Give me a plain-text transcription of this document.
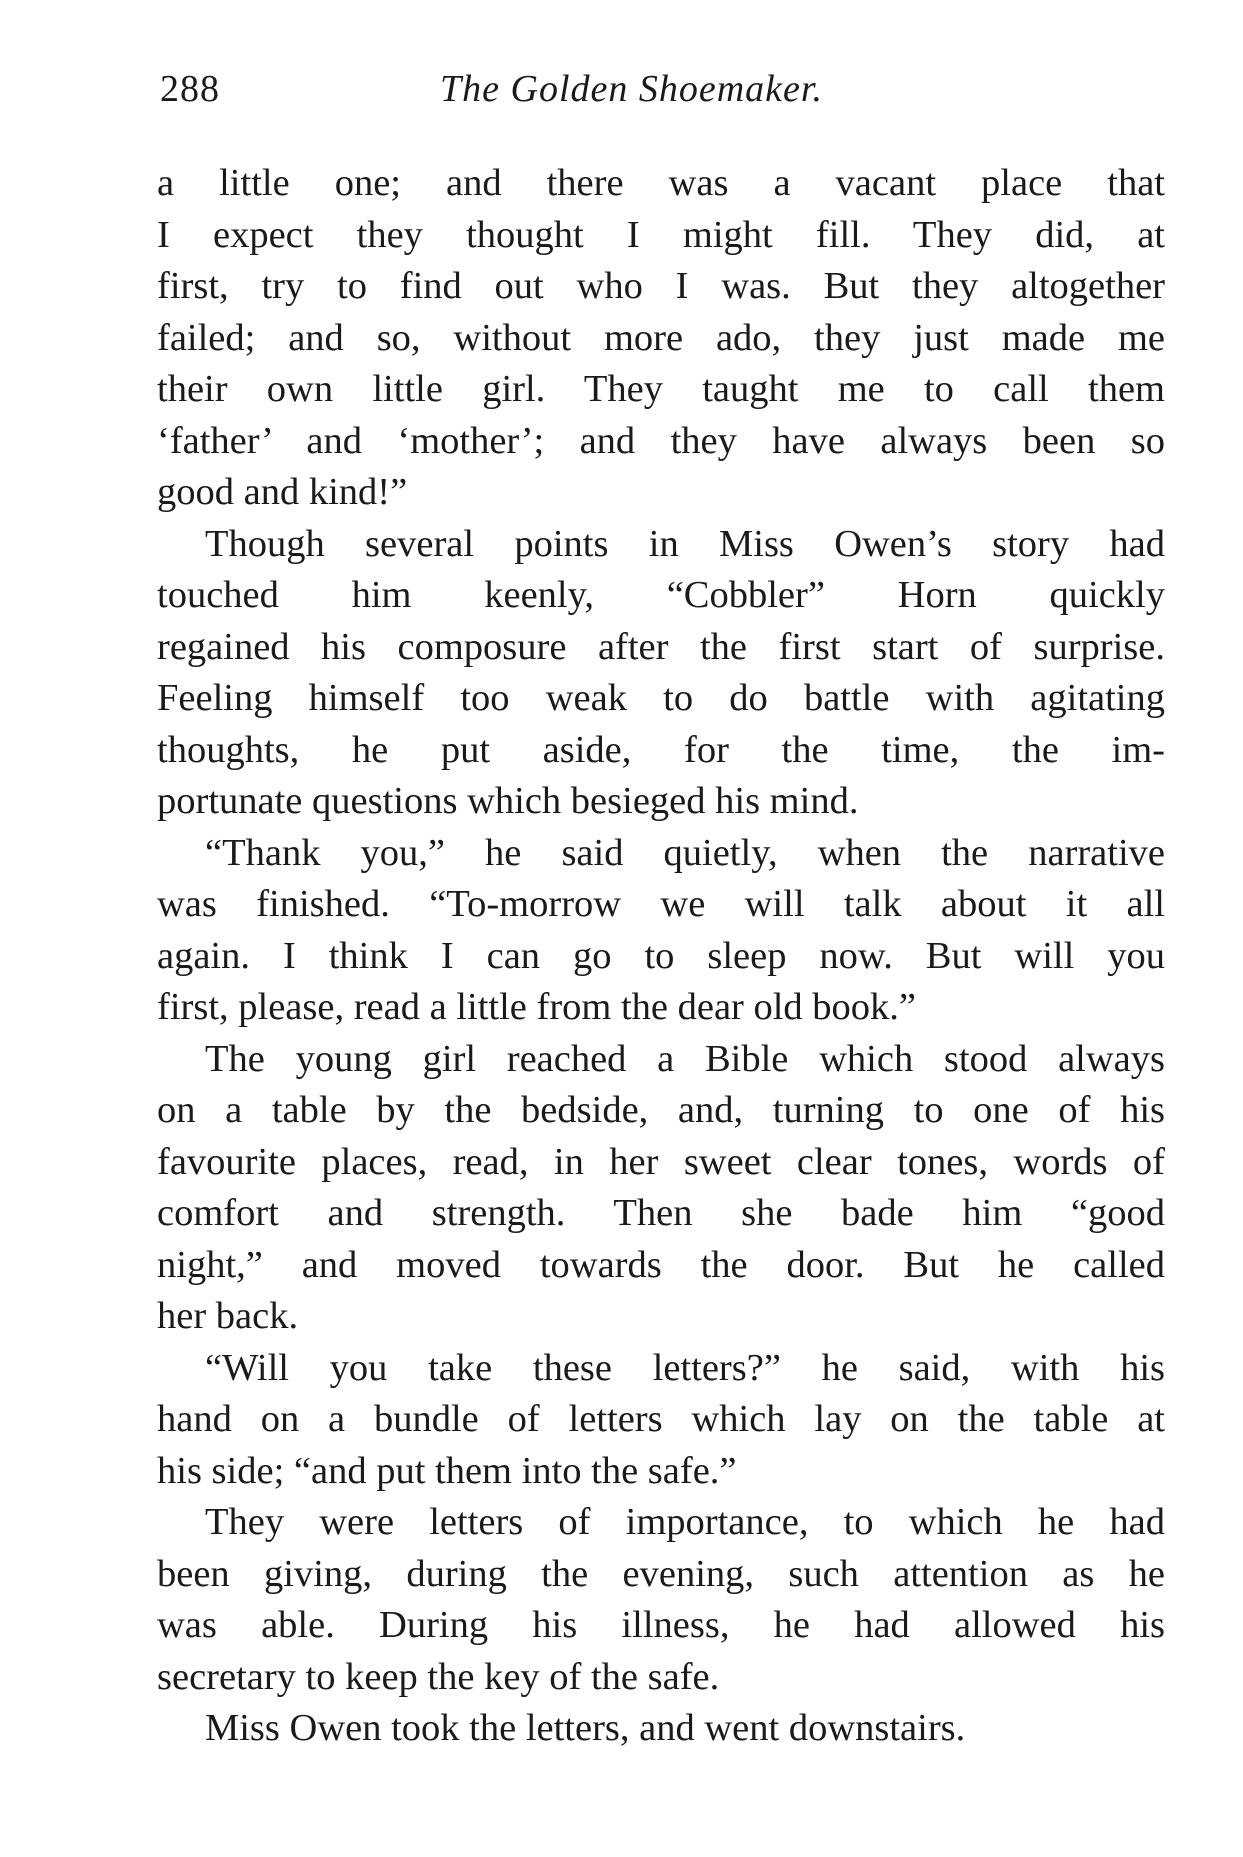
288	The Golden Shoemaker.
a little one; and there was a vacant place that
I expect they thought I might fill. They did, at
first, try to find out who I was. But they altogether
failed; and so, without more ado, they just made me
their own little girl. They taught me to call them
‘father’ and ‘mother’; and they have always been so
good and kind!”
Though several points in Miss Owen’s story had
touched him keenly, “Cobbler” Horn quickly
regained his composure after the first start of surprise.
Feeling himself too weak to do battle with agitating
thoughts, he put aside, for the time, the im-
portunate questions which besieged his mind.
“Thank you,” he said quietly, when the narrative
was finished. “To-morrow we will talk about it all
again. I think I can go to sleep now. But will you
first, please, read a little from the dear old book.”
The young girl reached a Bible which stood always
on a table by the bedside, and, turning to one of his
favourite places, read, in her sweet clear tones, words of
comfort and strength. Then she bade him “good
night,” and moved towards the door. But he called
her back.
“Will you take these letters?” he said, with his
hand on a bundle of letters which lay on the table at
his side; “and put them into the safe.”
They were letters of importance, to which he had
been giving, during the evening, such attention as he
was able. During his illness, he had allowed his
secretary to keep the key of the safe.
Miss Owen took the letters, and went downstairs.
